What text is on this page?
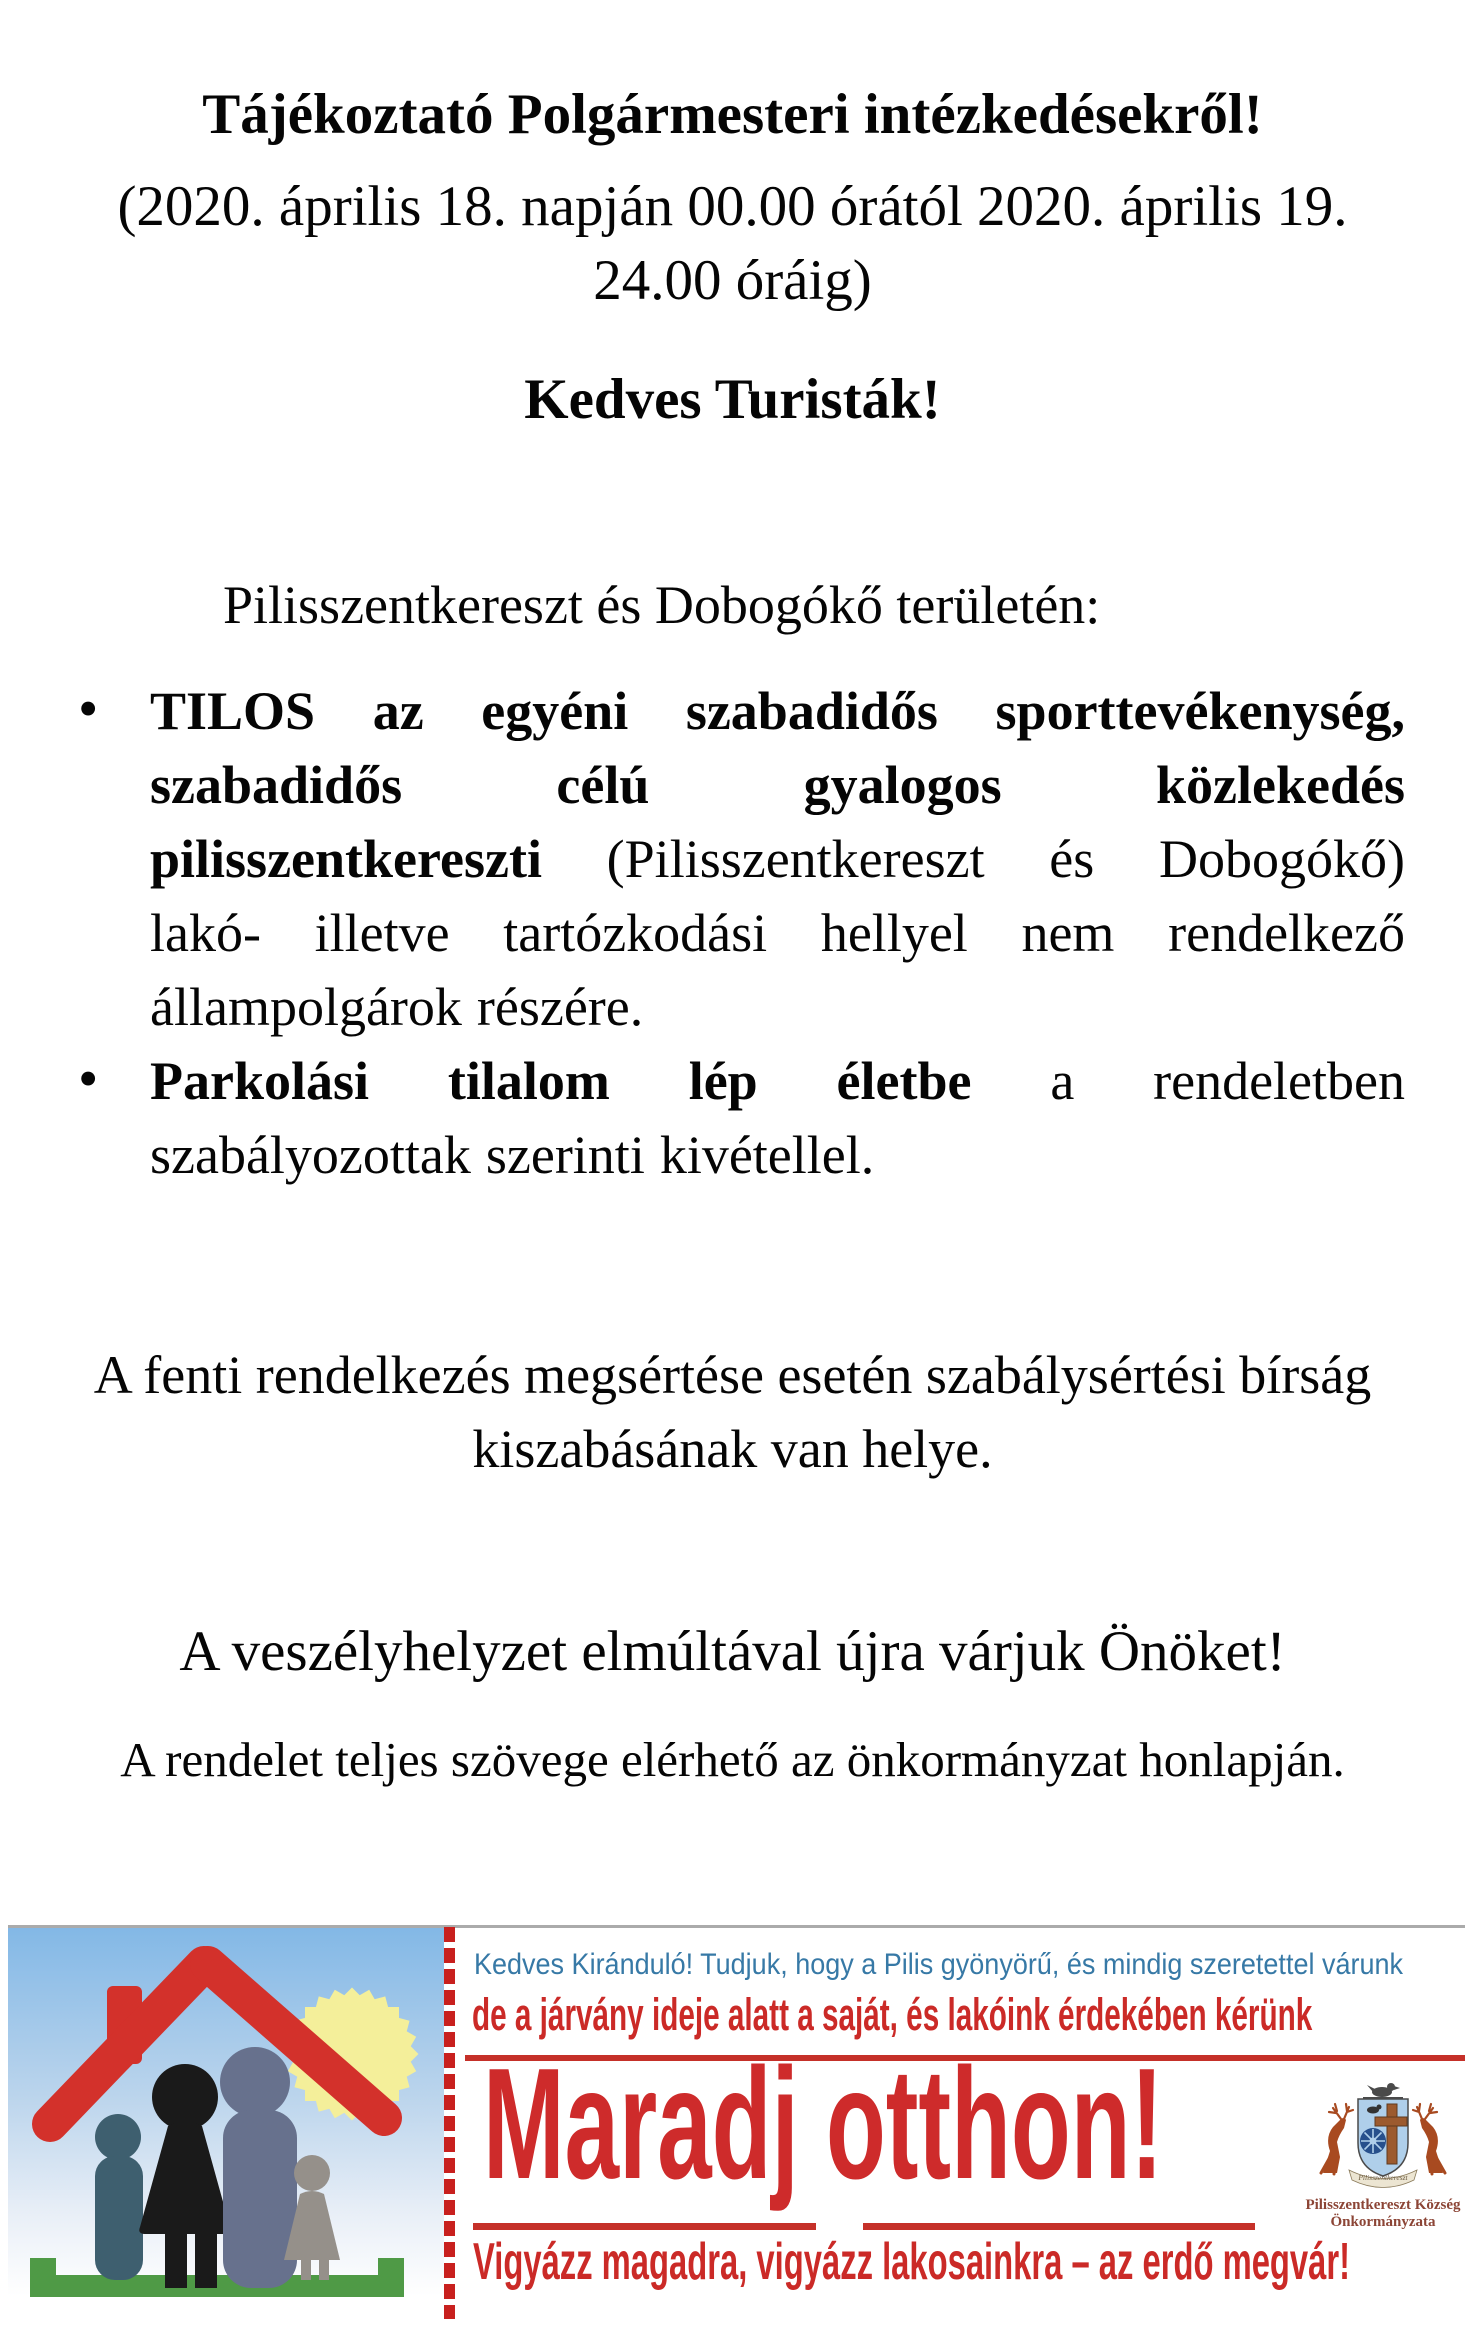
Tájékoztató Polgármesteri intézkedésekről!
(2020. április 18. napján 00.00 órától 2020. április 19.
24.00 óráig)
Kedves Turisták!
Pilisszentkereszt és Dobogókő területén:
• TILOS az egyéni szabadidős sporttevékenység,
szabadidős	célú	gyalogos	közlekedés
pilisszentkereszti (Pilisszentkereszt és Dobogókő)
lakó- illetve tartózkodási hellyel nem rendelkező
állampolgárok részére.
• Parkolási tilalom lép életbe a rendeletben
szabályozottak szerinti kivétellel.
A fenti rendelkezés megsértése esetén szabálysértési bírság
kiszabásának van helye.
A veszélyhelyzet elmúltával újra várjuk Önöket!
A rendelet teljes szövege elérhető az önkormányzat honlapján.
Kedves Kiránduló! Tudjuk, hogy a Pilis gyönyörű, és mindig szeretettel várunk
de a járvány ideje alatt a saját, és lakóink érdekében kérünk
Maradj otthon!
Vigyázz magadra, vigyázz lakosainkra – az erdő megvár!
Pilisszentkereszt
Pilisszentkereszt Község
Önkormányzata
